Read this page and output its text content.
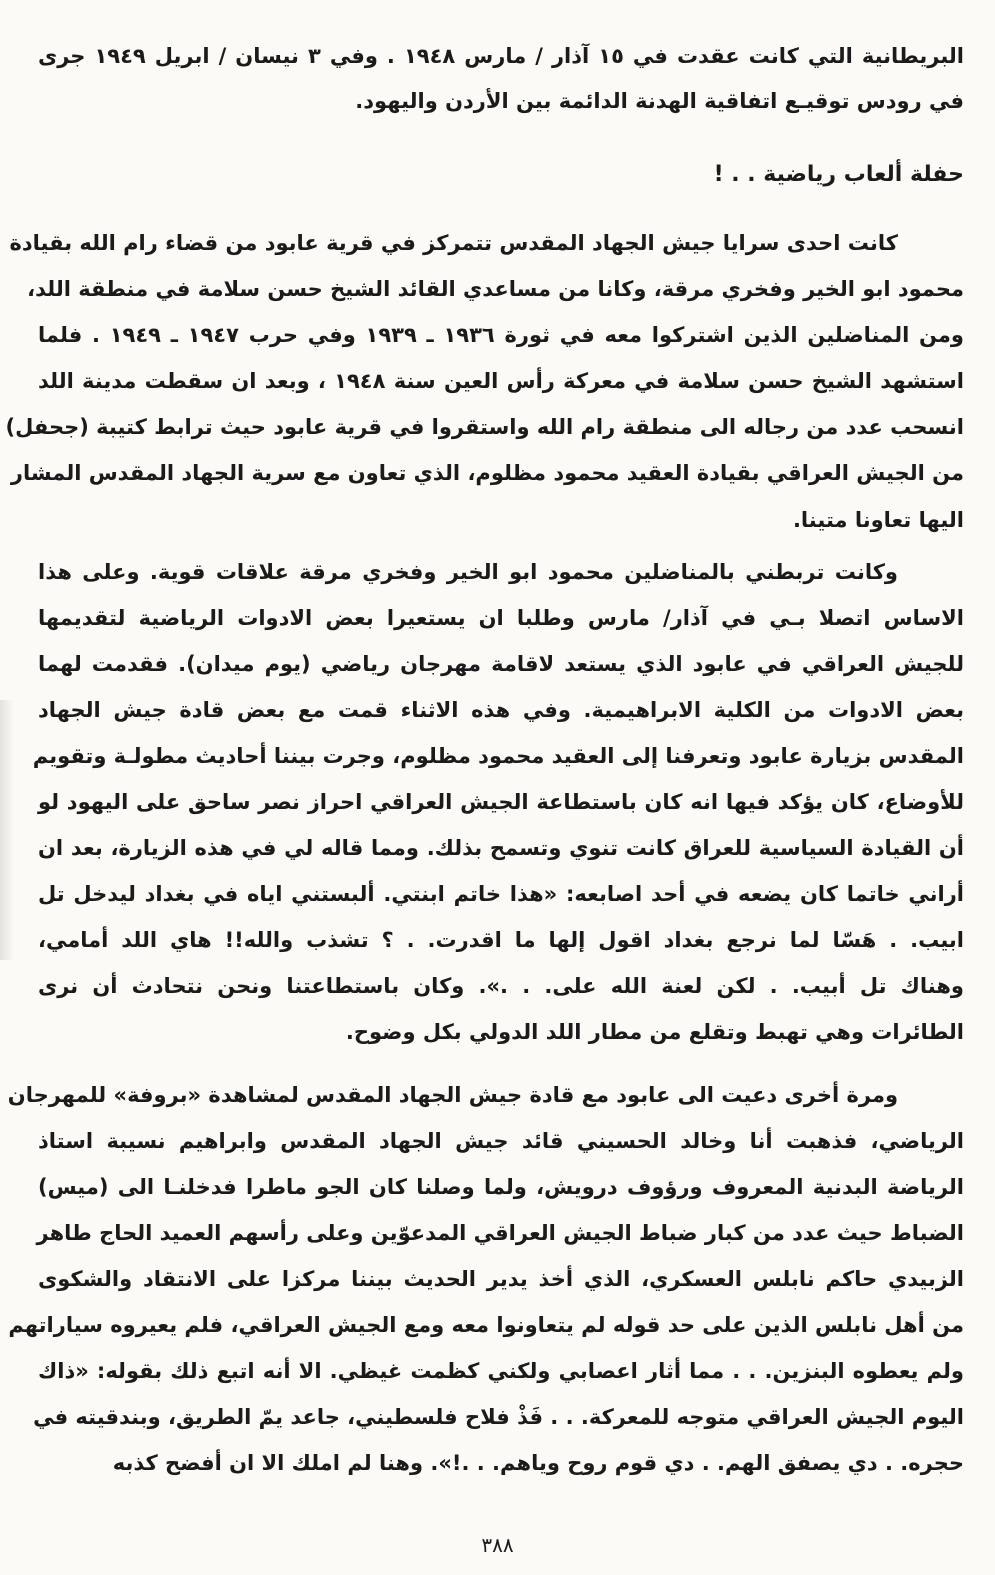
البريطانية التي كانت عقدت في ١٥ آذار / مارس ١٩٤٨ . وفي ٣ نيسان / ابريل ١٩٤٩ جرى
في رودس توقيـع اتفاقية الهدنة الدائمة بين الأردن واليهود.
حفلة ألعاب رياضية . . !
كانت احدى سرايا جيش الجهاد المقدس تتمركز في قرية عابود من قضاء رام الله بقيادة
محمود ابو الخير وفخري مرقة، وكانا من مساعدي القائد الشيخ حسن سلامة في منطقة اللد،
ومن المناضلين الذين اشتركوا معه في ثورة ١٩٣٦ ـ ١٩٣٩ وفي حرب ١٩٤٧ ـ ١٩٤٩ . فلما
استشهد الشيخ حسن سلامة في معركة رأس العين سنة ١٩٤٨ ، وبعد ان سقطت مدينة اللد
انسحب عدد من رجاله الى منطقة رام الله واستقروا في قرية عابود حيث ترابط كتيبة (جحفل)
من الجيش العراقي بقيادة العقيد محمود مظلوم، الذي تعاون مع سرية الجهاد المقدس المشار
اليها تعاونا متينا.
وكانت تربطني بالمناضلين محمود ابو الخير وفخري مرقة علاقات قوية. وعلى هذا
الاساس اتصلا بـي في آذار/ مارس وطلبا ان يستعيرا بعض الادوات الرياضية لتقديمها
للجيش العراقي في عابود الذي يستعد لاقامة مهرجان رياضي (يوم ميدان). فقدمت لهما
بعض الادوات من الكلية الابراهيمية. وفي هذه الاثناء قمت مع بعض قادة جيش الجهاد
المقدس بزيارة عابود وتعرفنا إلى العقيد محمود مظلوم، وجرت بيننا أحاديث مطولـة وتقويم
للأوضاع، كان يؤكد فيها انه كان باستطاعة الجيش العراقي احراز نصر ساحق على اليهود لو
أن القيادة السياسية للعراق كانت تنوي وتسمح بذلك. ومما قاله لي في هذه الزيارة، بعد ان
أراني خاتما كان يضعه في أحد اصابعه: «هذا خاتم ابنتي. ألبستني اياه في بغداد ليدخل تل
ابيب. . هَسّا لما نرجع بغداد اقول إلها ما اقدرت. . ؟ تشذب والله!! هاي اللد أمامي،
وهناك تل أبيب. . لكن لعنة الله على. . .». وكان باستطاعتنا ونحن نتحادث أن نرى
الطائرات وهي تهبط وتقلع من مطار اللد الدولي بكل وضوح.
ومرة أخرى دعيت الى عابود مع قادة جيش الجهاد المقدس لمشاهدة «بروفة» للمهرجان
الرياضي، فذهبت أنا وخالد الحسيني قائد جيش الجهاد المقدس وابراهيم نسيبة استاذ
الرياضة البدنية المعروف ورؤوف درويش، ولما وصلنا كان الجو ماطرا فدخلنـا الى (ميس)
الضباط حيث عدد من كبار ضباط الجيش العراقي المدعوّين وعلى رأسهم العميد الحاج طاهر
الزبيدي حاكم نابلس العسكري، الذي أخذ يدير الحديث بيننا مركزا على الانتقاد والشكوى
من أهل نابلس الذين على حد قوله لم يتعاونوا معه ومع الجيش العراقي، فلم يعيروه سياراتهم
ولم يعطوه البنزين. . . مما أثار اعصابي ولكني كظمت غيظي. الا أنه اتبع ذلك بقوله: «ذاك
اليوم الجيش العراقي متوجه للمعركة. . . فَذْ فلاح فلسطيني، جاعد يمّ الطريق، وبندقيته في
حجره. . دي يصفق الهم. . دي قوم روح وياهم. . .!». وهنا لم املك الا ان أفضح كذبه
٣٨٨
